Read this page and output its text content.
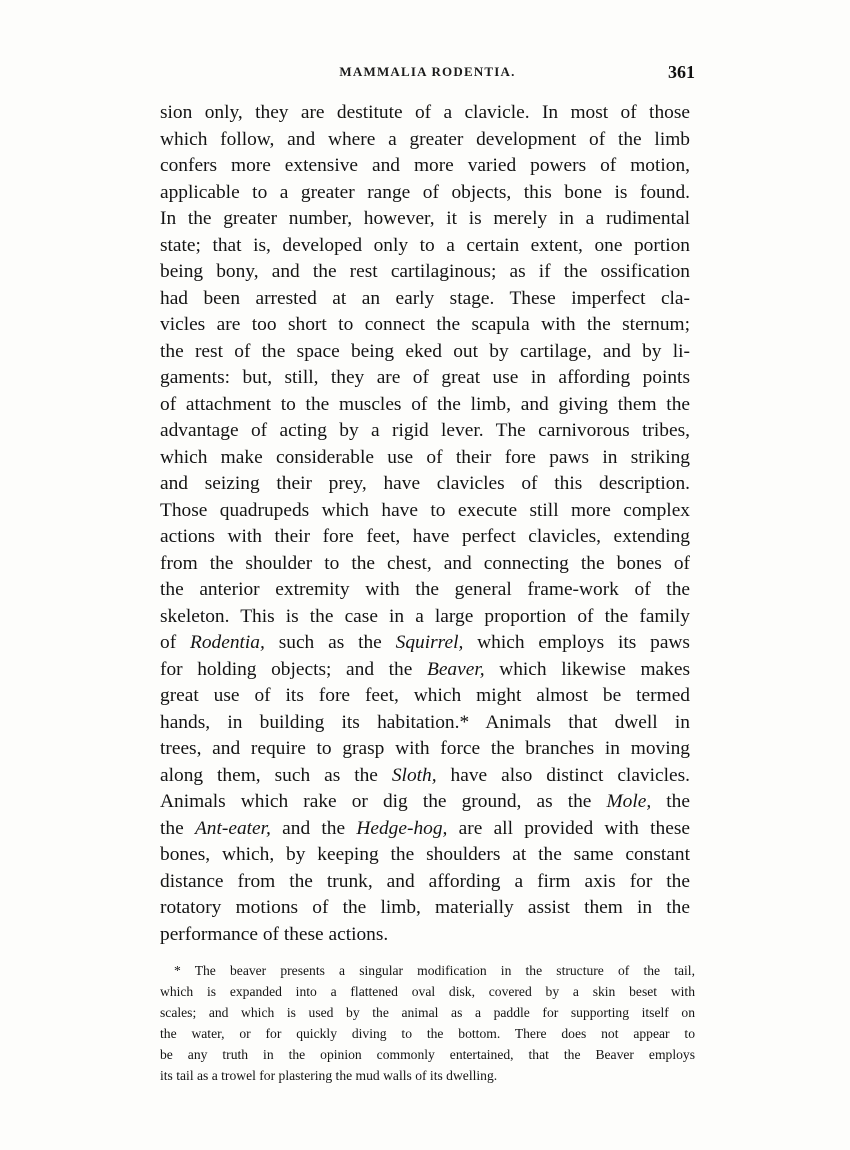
MAMMALIA RODENTIA.	361
sion only, they are destitute of a clavicle. In most of those
which follow, and where a greater development of the limb
confers more extensive and more varied powers of motion,
applicable to a greater range of objects, this bone is found.
In the greater number, however, it is merely in a rudimental
state; that is, developed only to a certain extent, one portion
being bony, and the rest cartilaginous; as if the ossification
had been arrested at an early stage. These imperfect cla-
vicles are too short to connect the scapula with the sternum;
the rest of the space being eked out by cartilage, and by li-
gaments: but, still, they are of great use in affording points
of attachment to the muscles of the limb, and giving them the
advantage of acting by a rigid lever. The carnivorous tribes,
which make considerable use of their fore paws in striking
and seizing their prey, have clavicles of this description.
Those quadrupeds which have to execute still more complex
actions with their fore feet, have perfect clavicles, extending
from the shoulder to the chest, and connecting the bones of
the anterior extremity with the general frame-work of the
skeleton. This is the case in a large proportion of the family
of Rodentia, such as the Squirrel, which employs its paws
for holding objects; and the Beaver, which likewise makes
great use of its fore feet, which might almost be termed
hands, in building its habitation.* Animals that dwell in
trees, and require to grasp with force the branches in moving
along them, such as the Sloth, have also distinct clavicles.
Animals which rake or dig the ground, as the Mole, the
the Ant-eater, and the Hedge-hog, are all provided with these
bones, which, by keeping the shoulders at the same constant
distance from the trunk, and affording a firm axis for the
rotatory motions of the limb, materially assist them in the
performance of these actions.
* The beaver presents a singular modification in the structure of the tail,
which is expanded into a flattened oval disk, covered by a skin beset with
scales; and which is used by the animal as a paddle for supporting itself on
the water, or for quickly diving to the bottom. There does not appear to
be any truth in the opinion commonly entertained, that the Beaver employs
its tail as a trowel for plastering the mud walls of its dwelling.
